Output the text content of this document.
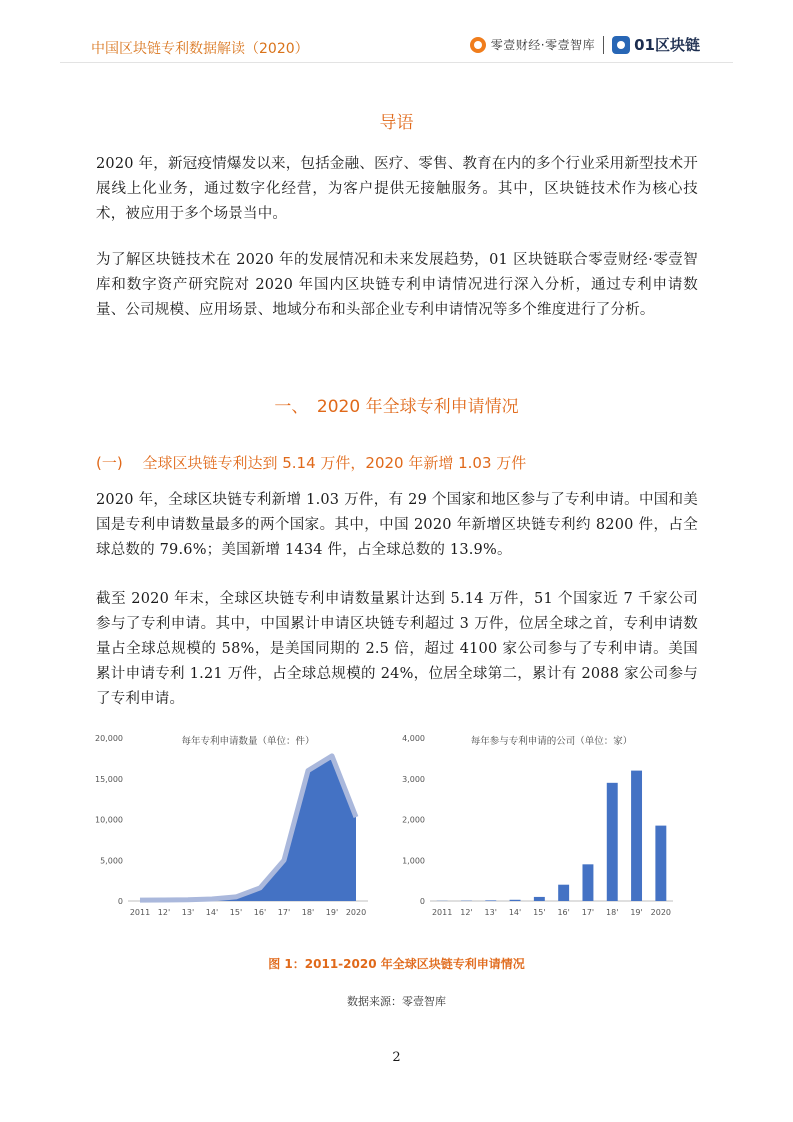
中国区块链专利数据解读（2020）	零壹财经·零壹智库	01区块链
导语

2020 年，新冠疫情爆发以来，包括金融、医疗、零售、教育在内的多个行业采用新型技术开展线上化业务，通过数字化经营，为客户提供无接触服务。其中，区块链技术作为核心技术，被应用于多个场景当中。

为了解区块链技术在 2020 年的发展情况和未来发展趋势，01 区块链联合零壹财经·零壹智库和数字资产研究院对 2020 年国内区块链专利申请情况进行深入分析，通过专利申请数量、公司规模、应用场景、地域分布和头部企业专利申请情况等多个维度进行了分析。

一、　2020 年全球专利申请情况
(一)　 全球区块链专利达到 5.14 万件，2020 年新增 1.03 万件

2020 年，全球区块链专利新增 1.03 万件，有 29 个国家和地区参与了专利申请。中国和美国是专利申请数量最多的两个国家。其中，中国 2020 年新增区块链专利约 8200 件，占全球总数的 79.6%；美国新增 1434 件，占全球总数的 13.9%。

截至 2020 年末，全球区块链专利申请数量累计达到 5.14 万件，51 个国家近 7 千家公司参与了专利申请。其中，中国累计申请区块链专利超过 3 万件，位居全球之首，专利申请数量占全球总规模的 58%，是美国同期的 2.5 倍，超过 4100 家公司参与了专利申请。美国累计申请专利 1.21 万件，占全球总规模的 24%，位居全球第二，累计有 2088 家公司参与了专利申请。

0
5,000
10,000
15,000
20,000	每年专利申请数量（单位：件）
2011 12' 13' 14' 15' 16' 17' 18' 19' 2020
0
1,000
2,000
3,000
4,000	每年参与专利申请的公司（单位：家）
2011 12' 13' 14' 15' 16' 17' 18' 19' 2020
图 1：2011-2020 年全球区块链专利申请情况
数据来源：零壹智库
2
